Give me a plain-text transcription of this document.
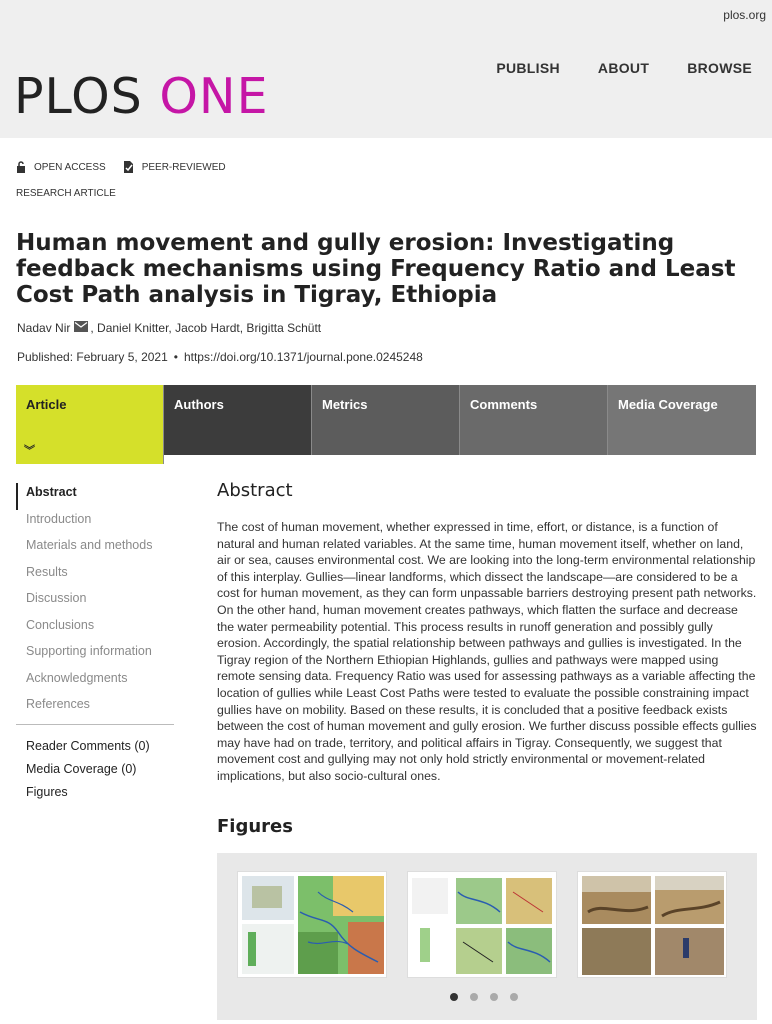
plos.org
PLOS ONE	PUBLISH	ABOUT	BROWSE
OPEN ACCESS	PEER-REVIEWED
RESEARCH ARTICLE
Human movement and gully erosion: Investigating feedback mechanisms using Frequency Ratio and Least Cost Path analysis in Tigray, Ethiopia
Nadav Nir , Daniel Knitter, Jacob Hardt, Brigitta Schütt
Published: February 5, 2021 • https://doi.org/10.1371/journal.pone.0245248
Article
︾
Authors	Metrics	Comments	Media Coverage
Abstract
Introduction
Materials and methods
Results
Discussion
Conclusions
Supporting information
Acknowledgments
References
Reader Comments (0)
Media Coverage (0)
Figures
Abstract

The cost of human movement, whether expressed in time, effort, or distance, is a function of natural and human related variables. At the same time, human movement itself, whether on land, air or sea, causes environmental cost. We are looking into the long-term environmental relationship of this interplay. Gullies—linear landforms, which dissect the landscape—are considered to be a cost for human movement, as they can form unpassable barriers destroying present path networks. On the other hand, human movement creates pathways, which flatten the surface and decrease the water permeability potential. This process results in runoff generation and possibly gully erosion. Accordingly, the spatial relationship between pathways and gullies is investigated. In the Tigray region of the Northern Ethiopian Highlands, gullies and pathways were mapped using remote sensing data. Frequency Ratio was used for assessing pathways as a variable affecting the location of gullies while Least Cost Paths were tested to evaluate the possible constraining impact gullies have on mobility. Based on these results, it is concluded that a positive feedback exists between the cost of human movement and gully erosion. We further discuss possible effects gullies may have had on trade, territory, and political affairs in Tigray. Consequently, we suggest that movement cost and gullying may not only hold strictly environmental or movement-related implications, but also socio-cultural ones.

Figures
